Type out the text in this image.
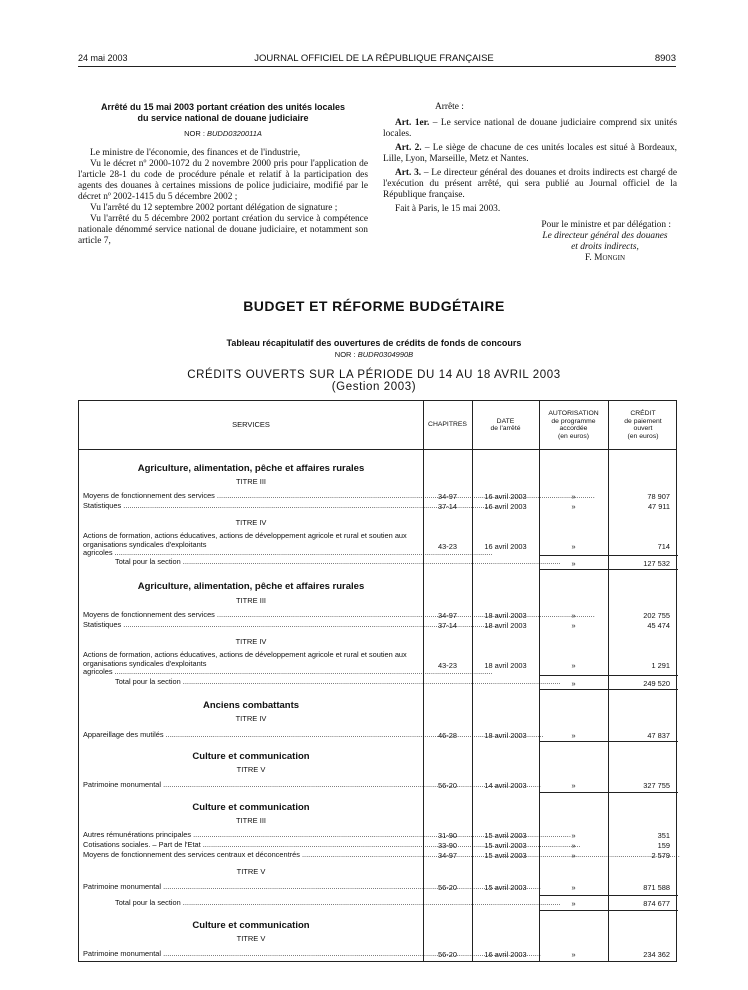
24 mai 2003	JOURNAL OFFICIEL DE LA RÉPUBLIQUE FRANÇAISE	8903
Arrêté du 15 mai 2003 portant création des unités locales
du service national de douane judiciaire
NOR : BUDD0320011A

Le ministre de l'économie, des finances et de l'industrie,

Vu le décret nº 2000-1072 du 2 novembre 2000 pris pour l'application de l'article 28-1 du code de procédure pénale et relatif à la participation des agents des douanes à certaines missions de police judiciaire, modifié par le décret nº 2002-1415 du 5 décembre 2002 ;

Vu l'arrêté du 12 septembre 2002 portant délégation de signature ;

Vu l'arrêté du 5 décembre 2002 portant création du service à compétence nationale dénommé service national de douane judiciaire, et notamment son article 7,

Arrête :

Art. 1er. – Le service national de douane judiciaire comprend six unités locales.

Art. 2. – Le siège de chacune de ces unités locales est situé à Bordeaux, Lille, Lyon, Marseille, Metz et Nantes.

Art. 3. – Le directeur général des douanes et droits indirects est chargé de l'exécution du présent arrêté, qui sera publié au Journal officiel de la République française.

Fait à Paris, le 15 mai 2003.

Pour le ministre et par délégation :

Le directeur général des douanes

et droits indirects,

F. Mongin

BUDGET ET RÉFORME BUDGÉTAIRE
Tableau récapitulatif des ouvertures de crédits de fonds de concours
NOR : BUDR0304990B
CRÉDITS OUVERTS SUR LA PÉRIODE DU 14 AU 18 AVRIL 2003
(Gestion 2003)
SERVICES	CHAPITRES
DATE
de l'arrêté
AUTORISATION
de programme
accordée
(en euros)
CRÉDIT
de paiement
ouvert
(en euros)
Agriculture, alimentation, pêche et affaires rurales
TITRE III
Moyens de fonctionnement des services .....	34-97	16 avril 2003	»	78 907
Statistiques .....	37-14	16 avril 2003	»	47 911
TITRE IV
Actions de formation, actions éducatives, actions de développement agricole et rural et soutien aux organisations syndicales d'exploitants agricoles .....
43-23	16 avril 2003	»	714
Total pour la section .....	»	127 532
Agriculture, alimentation, pêche et affaires rurales
TITRE III
Moyens de fonctionnement des services .....	34-97	18 avril 2003	»	202 755
Statistiques .....	37-14	18 avril 2003	»	45 474
TITRE IV
Actions de formation, actions éducatives, actions de développement agricole et rural et soutien aux organisations syndicales d'exploitants agricoles .....
43-23	18 avril 2003	»	1 291
Total pour la section .....	»	249 520
Anciens combattants
TITRE IV
Appareillage des mutilés .....	46-28	18 avril 2003	»	47 837
Culture et communication
TITRE V
Patrimoine monumental .....	56-20	14 avril 2003	»	327 755
Culture et communication
TITRE III
Autres rémunérations principales .....	31-90	15 avril 2003	»	351
Cotisations sociales. – Part de l'Etat .....	33-90	15 avril 2003	»	159
Moyens de fonctionnement des services centraux et déconcentrés .....	34-97	15 avril 2003	»	2 579
TITRE V
Patrimoine monumental .....	56-20	15 avril 2003	»	871 588
Total pour la section .....	»	874 677
Culture et communication
TITRE V
Patrimoine monumental .....	56-20	16 avril 2003	»	234 362
